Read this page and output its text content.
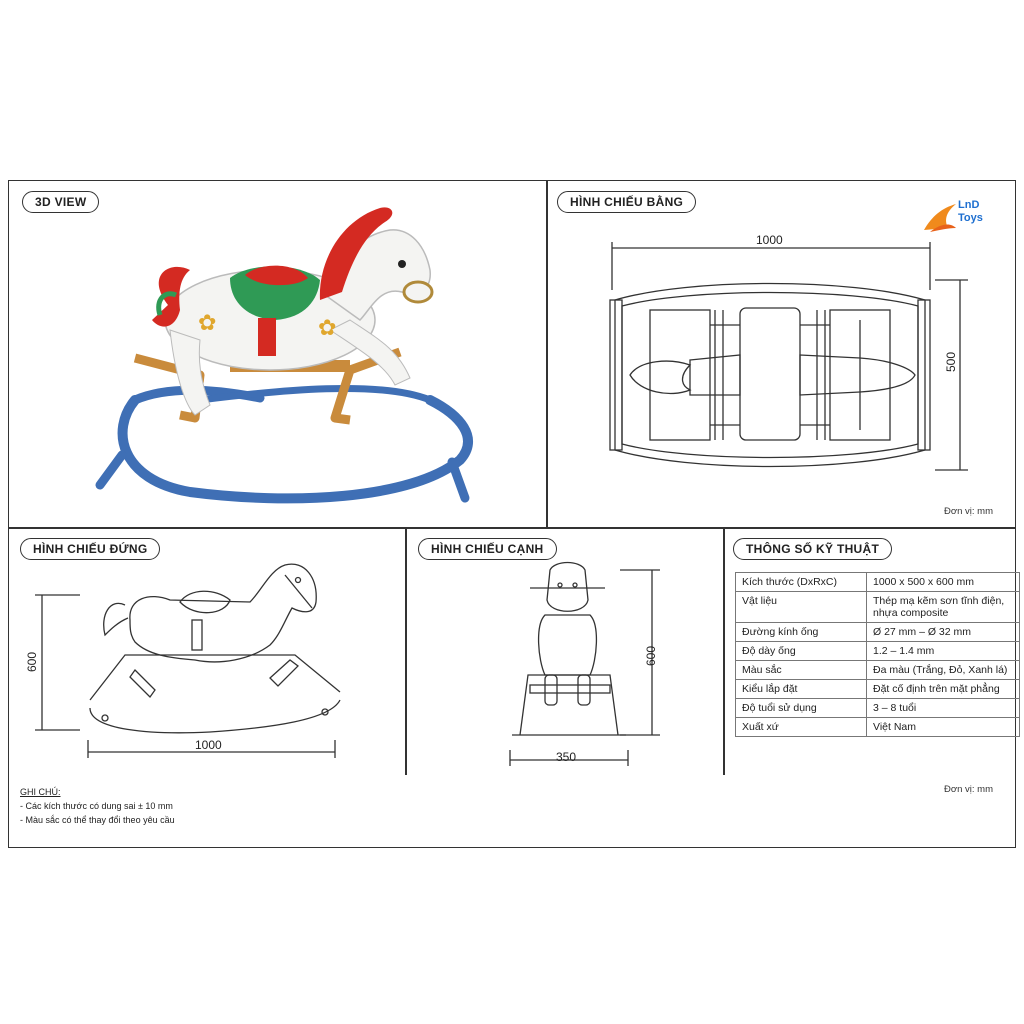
3D VIEW	HÌNH CHIẾU BẰNG
HÌNH CHIẾU ĐỨNG	HÌNH CHIẾU CẠNH	THÔNG SỐ KỸ THUẬT
LnD
Toys
✿	✿
1000
500
Đơn vị: mm
600
1000
600
350
Kích thước (DxRxC)	1000 x 500 x 600 mm
Vật liệu	Thép mạ kẽm sơn tĩnh điện, nhựa composite
Đường kính ống	Ø 27 mm – Ø 32 mm
Độ dày ống	1.2 – 1.4 mm
Màu sắc	Đa màu (Trắng, Đỏ, Xanh lá)
Kiểu lắp đặt	Đặt cố định trên mặt phẳng
Độ tuổi sử dụng	3 – 8 tuổi
Xuất xứ	Việt Nam
Đơn vị: mm
GHI CHÚ:
- Các kích thước có dung sai ± 10 mm
- Màu sắc có thể thay đổi theo yêu cầu
